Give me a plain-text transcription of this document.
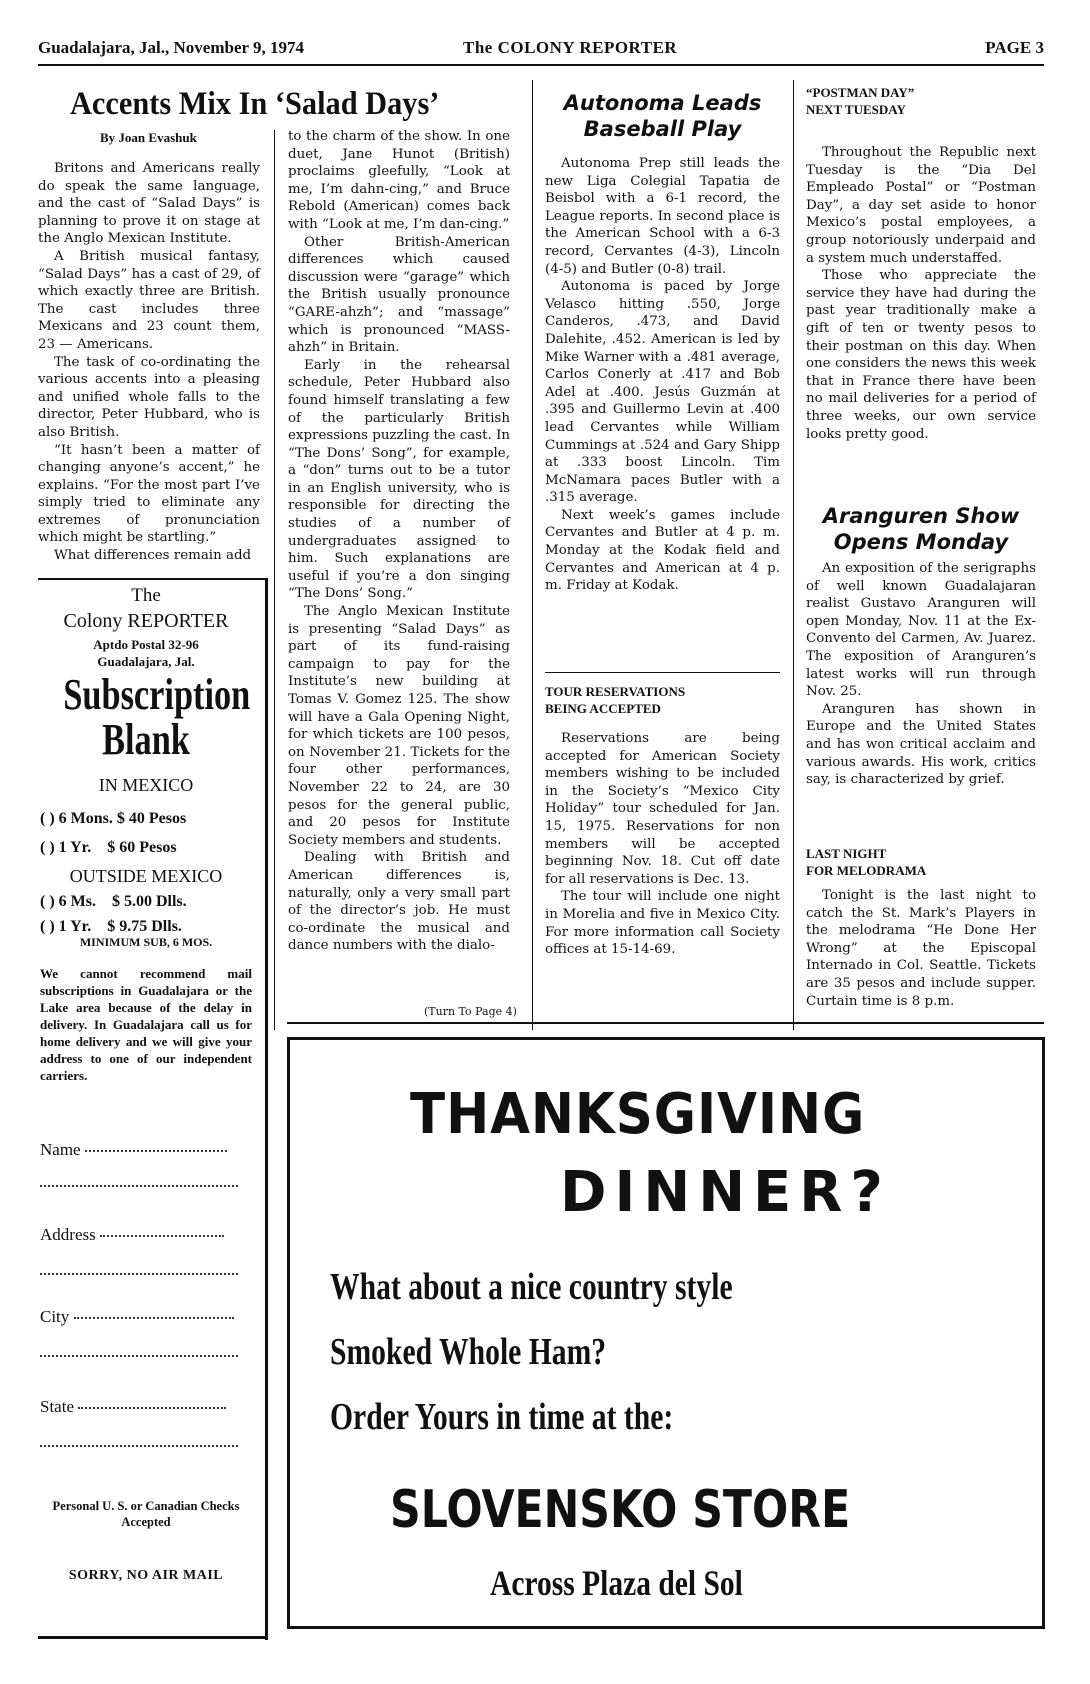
Guadalajara, Jal., November 9, 1974	The COLONY REPORTER	PAGE 3
Accents Mix In ‘Salad Days’
By Joan Evashuk

Britons and Americans really do speak the same language, and the cast of “Salad Days” is planning to prove it on stage at the Anglo Mexican Institute.

A British musical fantasy, “Salad Days” has a cast of 29, of which exactly three are British. The cast includes three Mexicans and 23 count them, 23 — Americans.

The task of co-ordinating the various accents into a pleasing and unified whole falls to the director, Peter Hubbard, who is also British.

“It hasn’t been a matter of changing anyone’s accent,” he explains. “For the most part I’ve simply tried to eliminate any extremes of pronunciation which might be startling.”

What differences remain add

to the charm of the show. In one duet, Jane Hunot (British) proclaims gleefully, “Look at me, I’m dahn-cing,” and Bruce Rebold (American) comes back with “Look at me, I’m dan-cing.”

Other British-American differences which caused discussion were “garage” which the British usually pronounce “GARE-ahzh”; and “massage” which is pronounced “MASS-ahzh” in Britain.

Early in the rehearsal schedule, Peter Hubbard also found himself translating a few of the particularly British expressions puzzling the cast. In “The Dons’ Song”, for example, a “don” turns out to be a tutor in an English university, who is responsible for directing the studies of a number of undergraduates assigned to him. Such explanations are useful if you’re a don singing “The Dons’ Song.”

The Anglo Mexican Institute is presenting “Salad Days” as part of its fund-raising campaign to pay for the Institute’s new building at Tomas V. Gomez 125. The show will have a Gala Opening Night, for which tickets are 100 pesos, on November 21. Tickets for the four other performances, November 22 to 24, are 30 pesos for the general public, and 20 pesos for Institute Society members and students.

Dealing with British and American differences is, naturally, only a very small part of the director’s job. He must co-ordinate the musical and dance numbers with the dialo-

(Turn To Page 4)
Autonoma Leads
Baseball Play

Autonoma Prep still leads the new Liga Colegial Tapatia de Beisbol with a 6-1 record, the League reports. In second place is the American School with a 6-3 record, Cervantes (4-3), Lincoln (4-5) and Butler (0-8) trail.

Autonoma is paced by Jorge Velasco hitting .550, Jorge Canderos, .473, and David Dalehite, .452. American is led by Mike Warner with a .481 average, Carlos Conerly at .417 and Bob Adel at .400. Jesús Guzmán at .395 and Guillermo Levin at .400 lead Cervantes while William Cummings at .524 and Gary Shipp at .333 boost Lincoln. Tim McNamara paces Butler with a .315 average.

Next week’s games include Cervantes and Butler at 4 p. m. Monday at the Kodak field and Cervantes and American at 4 p. m. Friday at Kodak.

TOUR RESERVATIONS
BEING ACCEPTED

Reservations are being accepted for American Society members wishing to be included in the Society’s “Mexico City Holiday” tour scheduled for Jan. 15, 1975. Reservations for non members will be accepted beginning Nov. 18. Cut off date for all reservations is Dec. 13.

The tour will include one night in Morelia and five in Mexico City. For more information call Society offices at 15-14-69.

“POSTMAN DAY”
NEXT TUESDAY

Throughout the Republic next Tuesday is the “Dia Del Empleado Postal” or “Postman Day”, a day set aside to honor Mexico’s postal employees, a group notoriously underpaid and a system much understaffed.

Those who appreciate the service they have had during the past year traditionally make a gift of ten or twenty pesos to their postman on this day. When one considers the news this week that in France there have been no mail deliveries for a period of three weeks, our own service looks pretty good.

Aranguren Show
Opens Monday

An exposition of the serigraphs of well known Guadalajaran realist Gustavo Aranguren will open Monday, Nov. 11 at the Ex-Convento del Carmen, Av. Juarez. The exposition of Aranguren’s latest works will run through Nov. 25.

Aranguren has shown in Europe and the United States and has won critical acclaim and various awards. His work, critics say, is characterized by grief.

LAST NIGHT
FOR MELODRAMA

Tonight is the last night to catch the St. Mark’s Players in the melodrama “He Done Her Wrong” at the Episcopal Internado in Col. Seattle. Tickets are 35 pesos and include supper. Curtain time is 8 p.m.

The
Colony REPORTER
Aptdo Postal 32-96
Guadalajara, Jal.
Subscription
Blank
IN MEXICO
( ) 6 Mons. $ 40 Pesos
( ) 1 Yr.    $ 60 Pesos
OUTSIDE MEXICO
( ) 6 Ms.    $ 5.00 Dlls.
( ) 1 Yr.    $ 9.75 Dlls.
MINIMUM SUB, 6 MOS.
We cannot recommend mail subscriptions in Guadalajara or the Lake area because of the delay in delivery. In Guadalajara call us for home delivery and we will give your address to one of our independent carriers.
Name
Address
City
State
Personal U. S. or Canadian Checks Accepted
SORRY, NO AIR MAIL
THANKSGIVING
DINNER?
What about a nice country style
Smoked Whole Ham?
Order Yours in time at the:
SLOVENSKO STORE
Across Plaza del Sol
